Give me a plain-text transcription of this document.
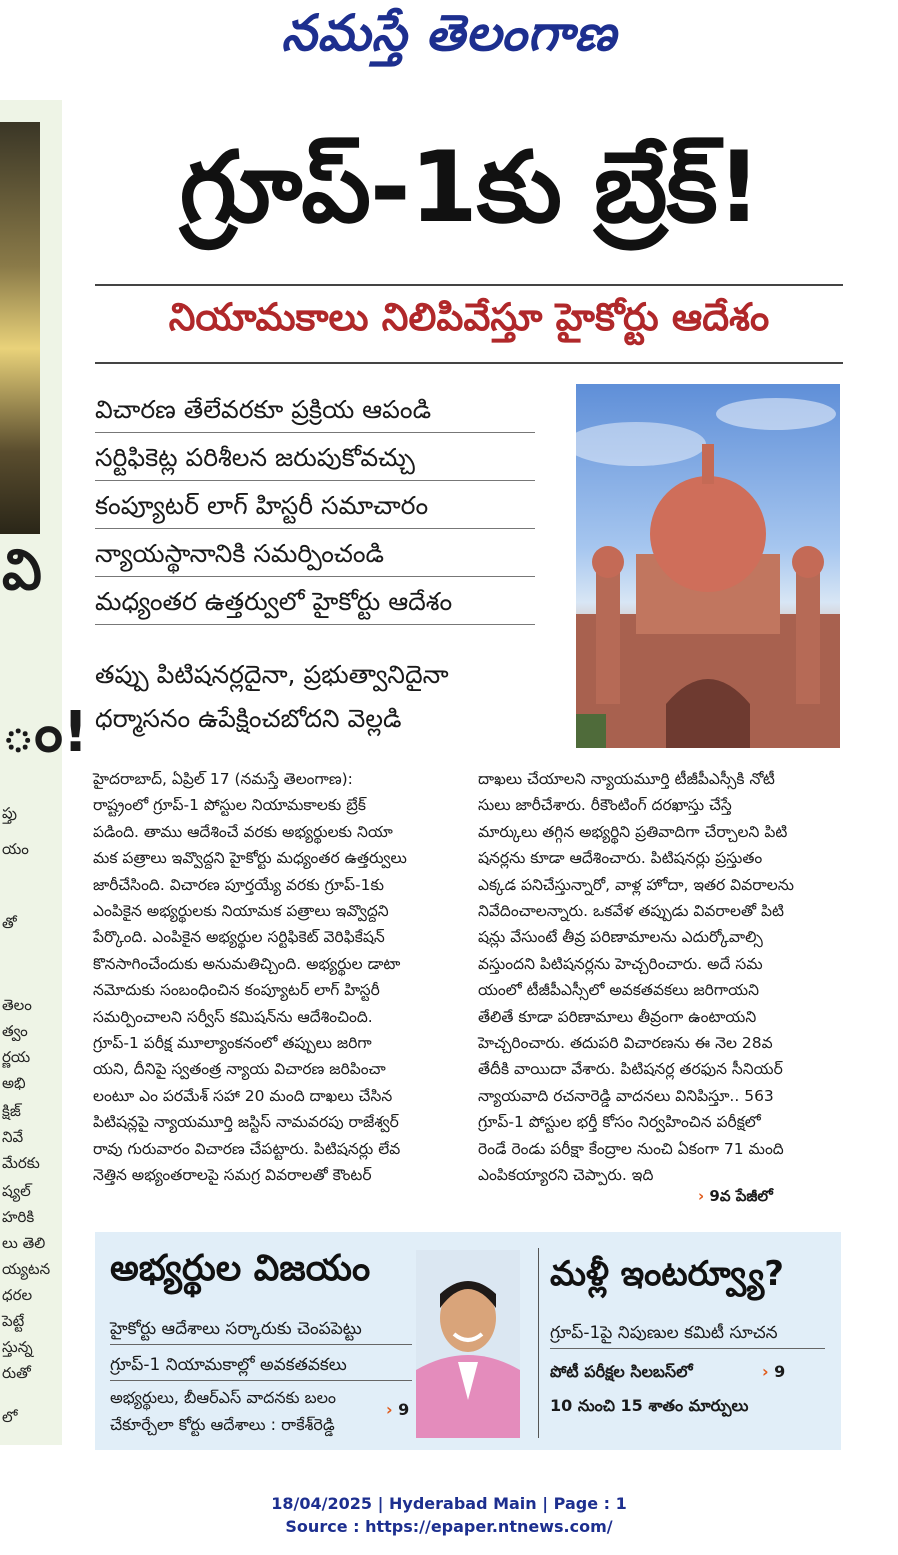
నమస్తే తెలంగాణ
వి
ం!
ప్తు
యం
తో
తెలం
త్వం
ర్ణయ
అభి
క్షిజ్
నివే
మేరకు
ష్యల్
హరికి
లు తెలి
య్యటన
ధరల
పెట్టే
స్తున్న
రుతో
లో
గ్రూప్-1కు బ్రేక్!
నియామకాలు నిలిపివేస్తూ హైకోర్టు ఆదేశం
విచారణ తేలేవరకూ ప్రక్రియ ఆపండి
సర్టిఫికెట్ల పరిశీలన జరుపుకోవచ్చు
కంప్యూటర్ లాగ్ హిస్టరీ సమాచారం
న్యాయస్థానానికి సమర్పించండి
మధ్యంతర ఉత్తర్వులో హైకోర్టు ఆదేశం
తప్పు పిటిషనర్లదైనా, ప్రభుత్వానిదైనా
ధర్మాసనం ఉపేక్షించబోదని వెల్లడి
హైదరాబాద్, ఏప్రిల్ 17 (నమస్తే తెలంగాణ):
రాష్ట్రంలో గ్రూప్-1 పోస్టుల నియామకాలకు బ్రేక్
పడింది. తాము ఆదేశించే వరకు అభ్యర్థులకు నియా
మక పత్రాలు ఇవ్వొద్దని హైకోర్టు మధ్యంతర ఉత్తర్వులు
జారీచేసింది. విచారణ పూర్తయ్యే వరకు గ్రూప్-1కు
ఎంపికైన అభ్యర్థులకు నియామక పత్రాలు ఇవ్వొద్దని
పేర్కొంది. ఎంపికైన అభ్యర్థుల సర్టిఫికెట్ వెరిఫికేషన్
కొనసాగించేందుకు అనుమతిచ్చింది. అభ్యర్థుల డాటా
నమోదుకు సంబంధించిన కంప్యూటర్ లాగ్ హిస్టరీ
సమర్పించాలని సర్వీస్ కమిషన్‌ను ఆదేశించింది.
గ్రూప్-1 పరీక్ష మూల్యాంకనంలో తప్పులు జరిగా
యని, దీనిపై స్వతంత్ర న్యాయ విచారణ జరిపించా
లంటూ ఎం పరమేశ్ సహా 20 మంది దాఖలు చేసిన
పిటిషన్లపై న్యాయమూర్తి జస్టిస్ నామవరపు రాజేశ్వర్
రావు గురువారం విచారణ చేపట్టారు. పిటిషనర్లు లేవ
నెత్తిన అభ్యంతరాలపై సమగ్ర వివరాలతో కౌంటర్
దాఖలు చేయాలని న్యాయమూర్తి టీజీపీఎస్సీకి నోటీ
సులు జారీచేశారు. రీకౌంటింగ్ దరఖాస్తు చేస్తే
మార్కులు తగ్గిన అభ్యర్థిని ప్రతివాదిగా చేర్చాలని పిటి
షనర్లను కూడా ఆదేశించారు. పిటిషనర్లు ప్రస్తుతం
ఎక్కడ పనిచేస్తున్నారో, వాళ్ల హోదా, ఇతర వివరాలను
నివేదించాలన్నారు. ఒకవేళ తప్పుడు వివరాలతో పిటి
షన్లు వేసుంటే తీవ్ర పరిణామాలను ఎదుర్కోవాల్సి
వస్తుందని పిటిషనర్లను హెచ్చరించారు. అదే సమ
యంలో టీజీపీఎస్సీలో అవకతవకలు జరిగాయని
తేలితే కూడా పరిణామాలు తీవ్రంగా ఉంటాయని
హెచ్చరించారు. తదుపరి విచారణను ఈ నెల 28వ
తేదీకి వాయిదా వేశారు. పిటిషనర్ల తరఫున సీనియర్
న్యాయవాది రచనారెడ్డి వాదనలు వినిపిస్తూ.. 563
గ్రూప్-1 పోస్టుల భర్తీ కోసం నిర్వహించిన పరీక్షలో
రెండే రెండు పరీక్షా కేంద్రాల నుంచి ఏకంగా 71 మంది
ఎంపికయ్యారని చెప్పారు. ఇది
› 9వ పేజీలో
అభ్యర్థుల విజయం
హైకోర్టు ఆదేశాలు సర్కారుకు చెంపపెట్టు
గ్రూప్-1 నియామకాల్లో అవకతవకలు
అభ్యర్థులు, బీఆర్‌ఎస్ వాదనకు బలం
చేకూర్చేలా కోర్టు ఆదేశాలు : రాకేశ్‌రెడ్డి
› 9
మళ్లీ ఇంటర్వ్యూ?
గ్రూప్-1పై నిపుణుల కమిటీ సూచన
పోటీ పరీక్షల సిలబస్‌లో	› 9
10 నుంచి 15 శాతం మార్పులు
18/04/2025 | Hyderabad Main | Page : 1
Source : https://epaper.ntnews.com/
